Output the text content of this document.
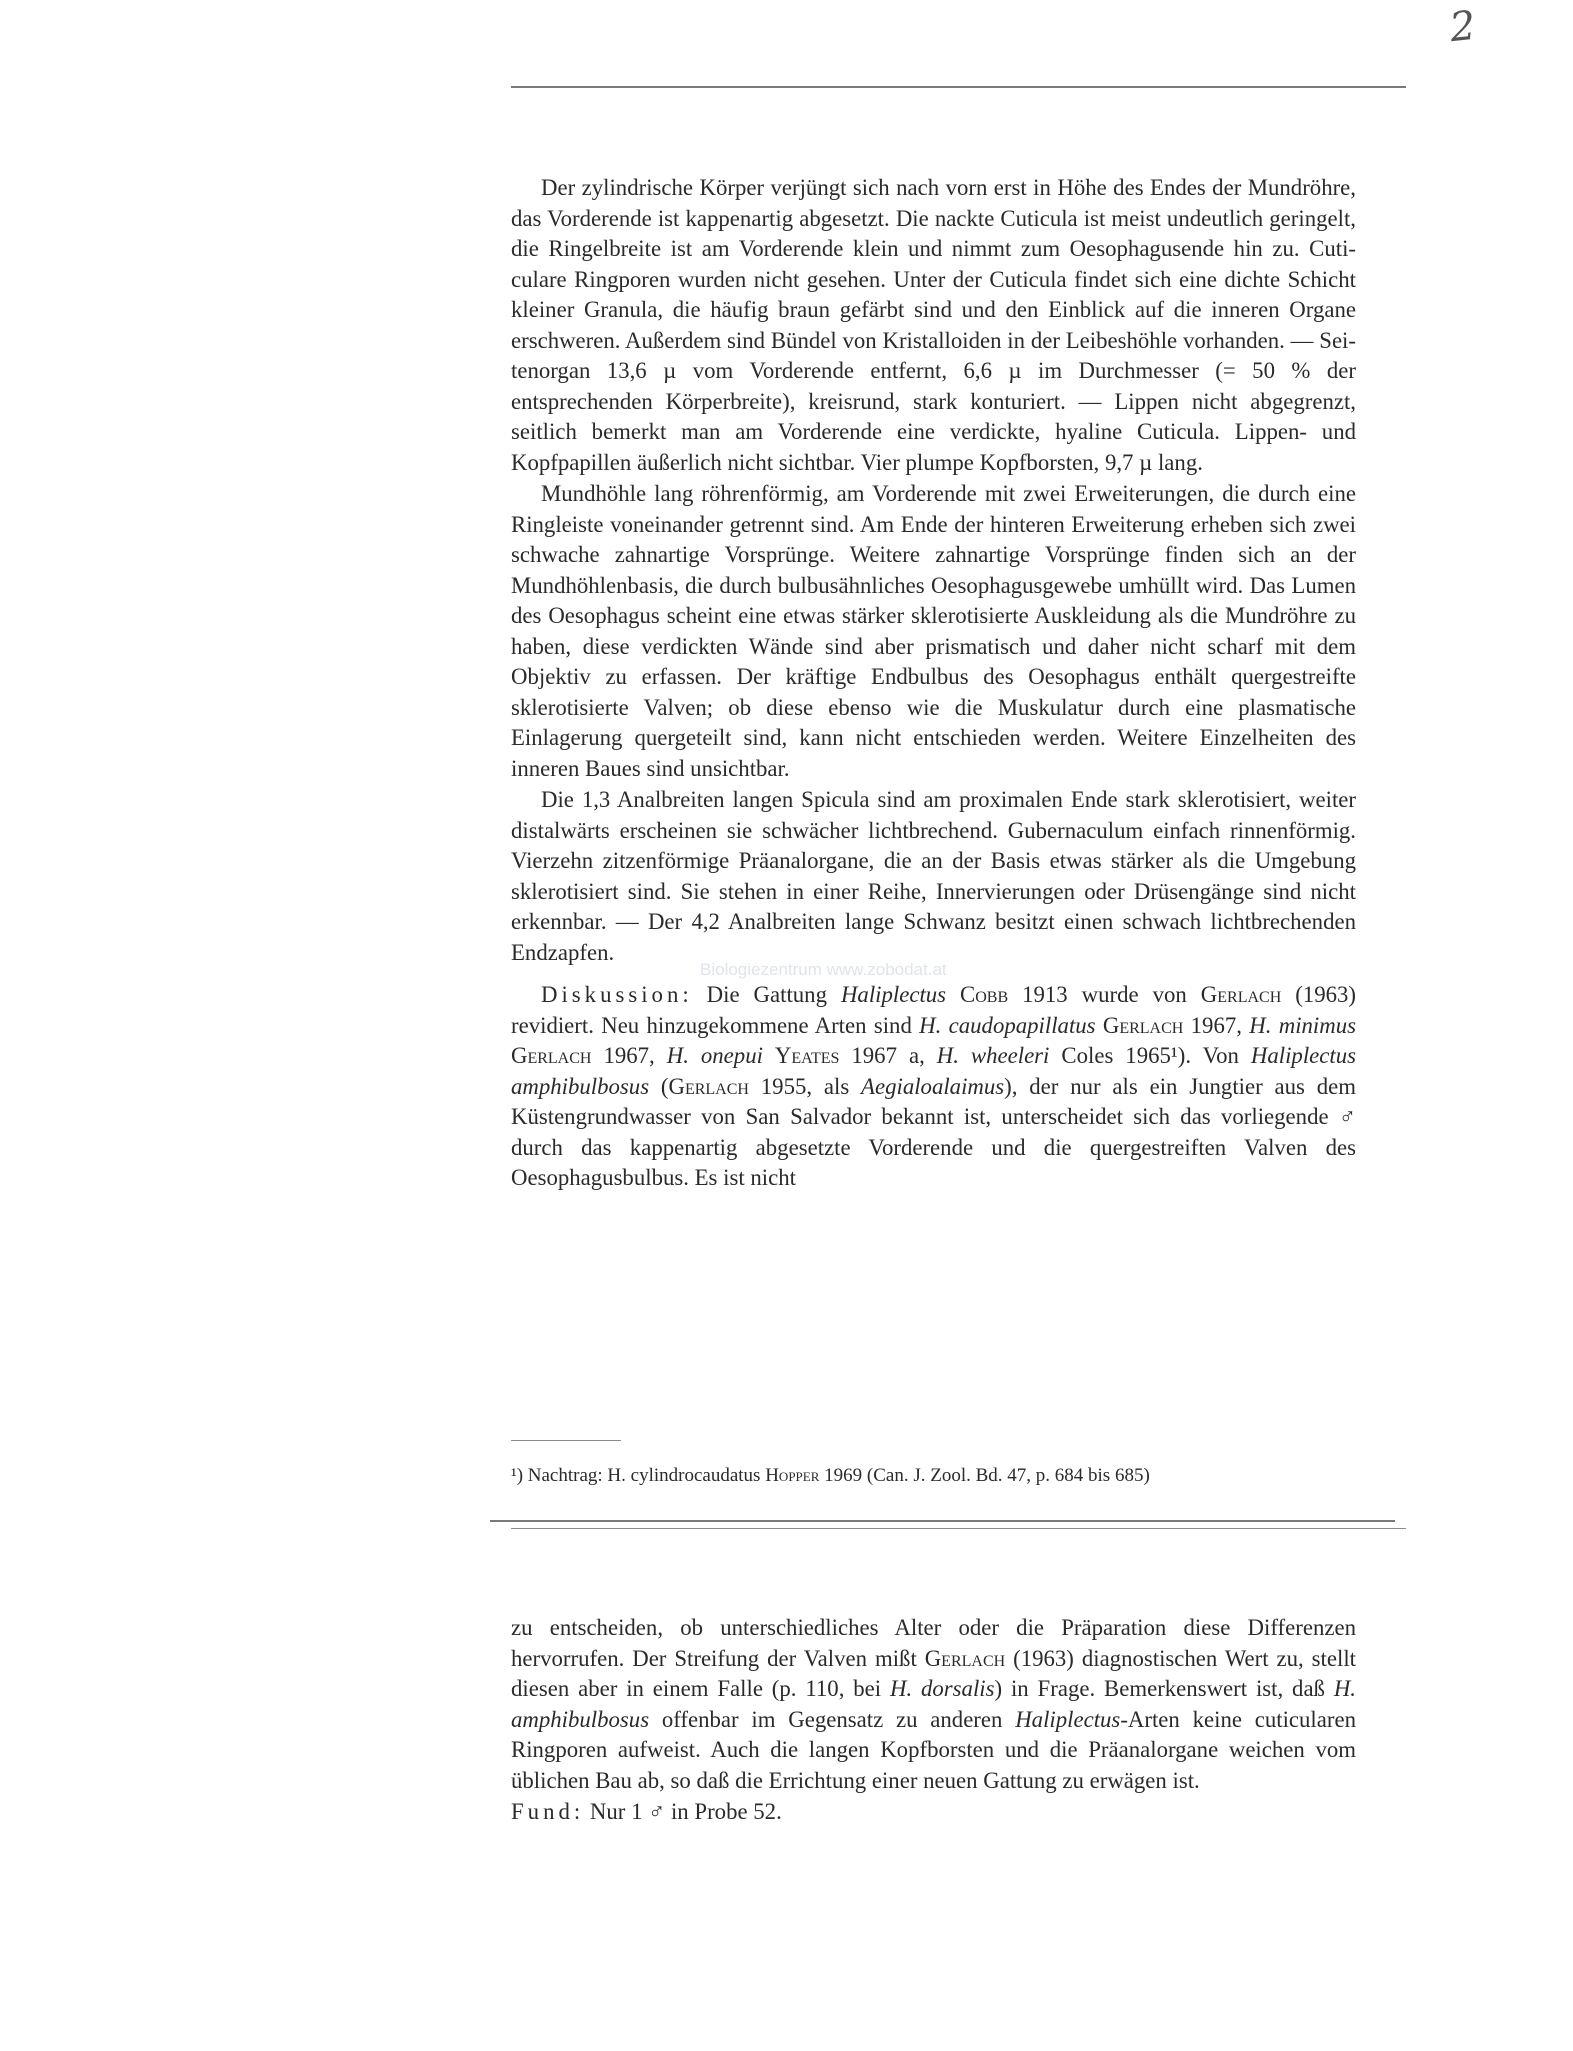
2
Biologiezentrum www.zobodat.at

Der zylindrische Körper verjüngt sich nach vorn erst in Höhe des Endes der Mundröhre, das Vorderende ist kappenartig abgesetzt. Die nackte Cuticula ist meist undeutlich geringelt, die Ringelbreite ist am Vorderende klein und nimmt zum Oesophagusende hin zu. Cuticulare Ringporen wurden nicht gesehen. Unter der Cuticula findet sich eine dichte Schicht kleiner Granula, die häufig braun gefärbt sind und den Einblick auf die inneren Organe erschweren. Außerdem sind Bündel von Kristalloiden in der Leibeshöhle vorhanden. — Seitenorgan 13,6 µ vom Vorderende entfernt, 6,6 µ im Durchmesser (= 50 % der entsprechenden Körperbreite), kreisrund, stark konturiert. — Lippen nicht abgegrenzt, seitlich bemerkt man am Vorderende eine verdickte, hyaline Cuticula. Lippen- und Kopfpapillen äußerlich nicht sichtbar. Vier plumpe Kopfborsten, 9,7 µ lang.

Mundhöhle lang röhrenförmig, am Vorderende mit zwei Erweiterungen, die durch eine Ringleiste voneinander getrennt sind. Am Ende der hinteren Erweiterung erheben sich zwei schwache zahnartige Vorsprünge. Weitere zahnartige Vorsprünge finden sich an der Mundhöhlenbasis, die durch bulbusähnliches Oesophagusgewebe umhüllt wird. Das Lumen des Oesophagus scheint eine etwas stärker sklerotisierte Auskleidung als die Mundröhre zu haben, diese verdickten Wände sind aber prismatisch und daher nicht scharf mit dem Objektiv zu erfassen. Der kräftige Endbulbus des Oesophagus enthält quergestreifte sklerotisierte Valven; ob diese ebenso wie die Muskulatur durch eine plasmatische Einlagerung quergeteilt sind, kann nicht entschieden werden. Weitere Einzelheiten des inneren Baues sind unsichtbar.

Die 1,3 Analbreiten langen Spicula sind am proximalen Ende stark sklerotisiert, weiter distalwärts erscheinen sie schwächer lichtbrechend. Gubernaculum einfach rinnenförmig. Vierzehn zitzenförmige Präanalorgane, die an der Basis etwas stärker als die Umgebung sklerotisiert sind. Sie stehen in einer Reihe, Innervierungen oder Drüsengänge sind nicht erkennbar. — Der 4,2 Analbreiten lange Schwanz besitzt einen schwach lichtbrechenden Endzapfen.

Diskussion: Die Gattung Haliplectus Cobb 1913 wurde von Gerlach (1963) revidiert. Neu hinzugekommene Arten sind H. caudopapillatus Gerlach 1967, H. minimus Gerlach 1967, H. onepui Yeates 1967 a, H. wheeleri Coles 1965¹). Von Haliplectus amphibulbosus (Gerlach 1955, als Aegialoalaimus), der nur als ein Jungtier aus dem Küstengrundwasser von San Salvador bekannt ist, unterscheidet sich das vorliegende ♂ durch das kappenartig abgesetzte Vorderende und die quergestreiften Valven des Oesophagusbulbus. Es ist nicht

¹) Nachtrag: H. cylindrocaudatus Hopper 1969 (Can. J. Zool. Bd. 47, p. 684 bis 685)

zu entscheiden, ob unterschiedliches Alter oder die Präparation diese Differenzen hervorrufen. Der Streifung der Valven mißt Gerlach (1963) diagnostischen Wert zu, stellt diesen aber in einem Falle (p. 110, bei H. dorsalis) in Frage. Bemerkenswert ist, daß H. amphibulbosus offenbar im Gegensatz zu anderen Haliplectus-Arten keine cuticularen Ringporen aufweist. Auch die langen Kopfborsten und die Präanalorgane weichen vom üblichen Bau ab, so daß die Errichtung einer neuen Gattung zu erwägen ist.

Fund: Nur 1 ♂ in Probe 52.
